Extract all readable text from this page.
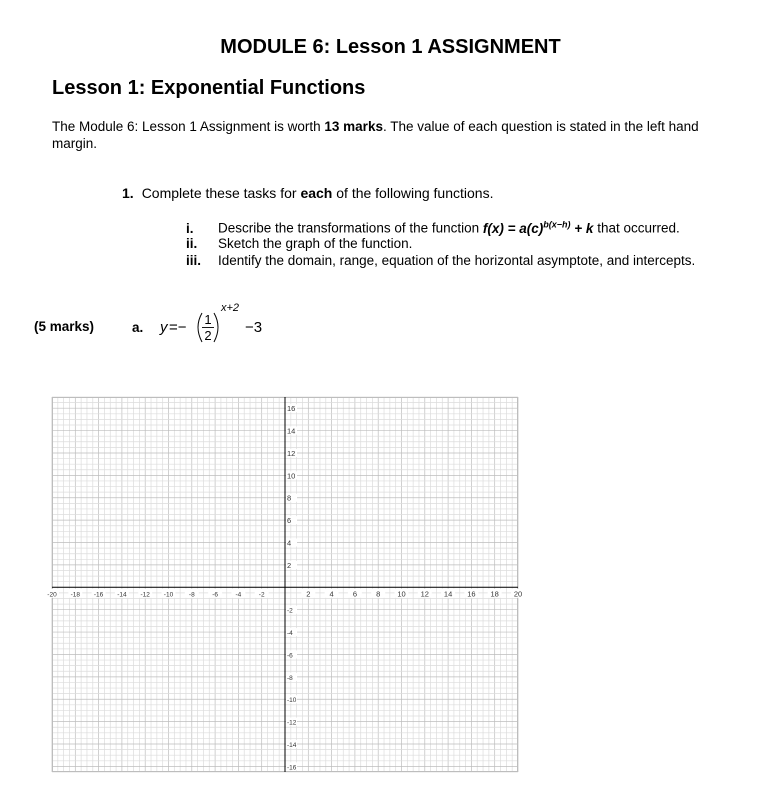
MODULE 6: Lesson 1 ASSIGNMENT
Lesson 1: Exponential Functions
The Module 6: Lesson 1 Assignment is worth 13 marks. The value of each question is stated in the left hand margin.
1. Complete these tasks for each of the following functions.
i. Describe the transformations of the function $f(x) = a(c)^{b(x-h)} + k$ that occurred.
ii. Sketch the graph of the function.
iii. Identify the domain, range, equation of the horizontal asymptote, and intercepts.
(5 marks)	a. y =− 1
2
x+2
−3
-20 -18 -16 -14 -12 -10 -8	-6	-4	-2	2	4	6	8 10 12 14 16 18 20
16
14
12
10
8
6
4
2
-2
-4
-6
-8
-10
-12
-14
-16
